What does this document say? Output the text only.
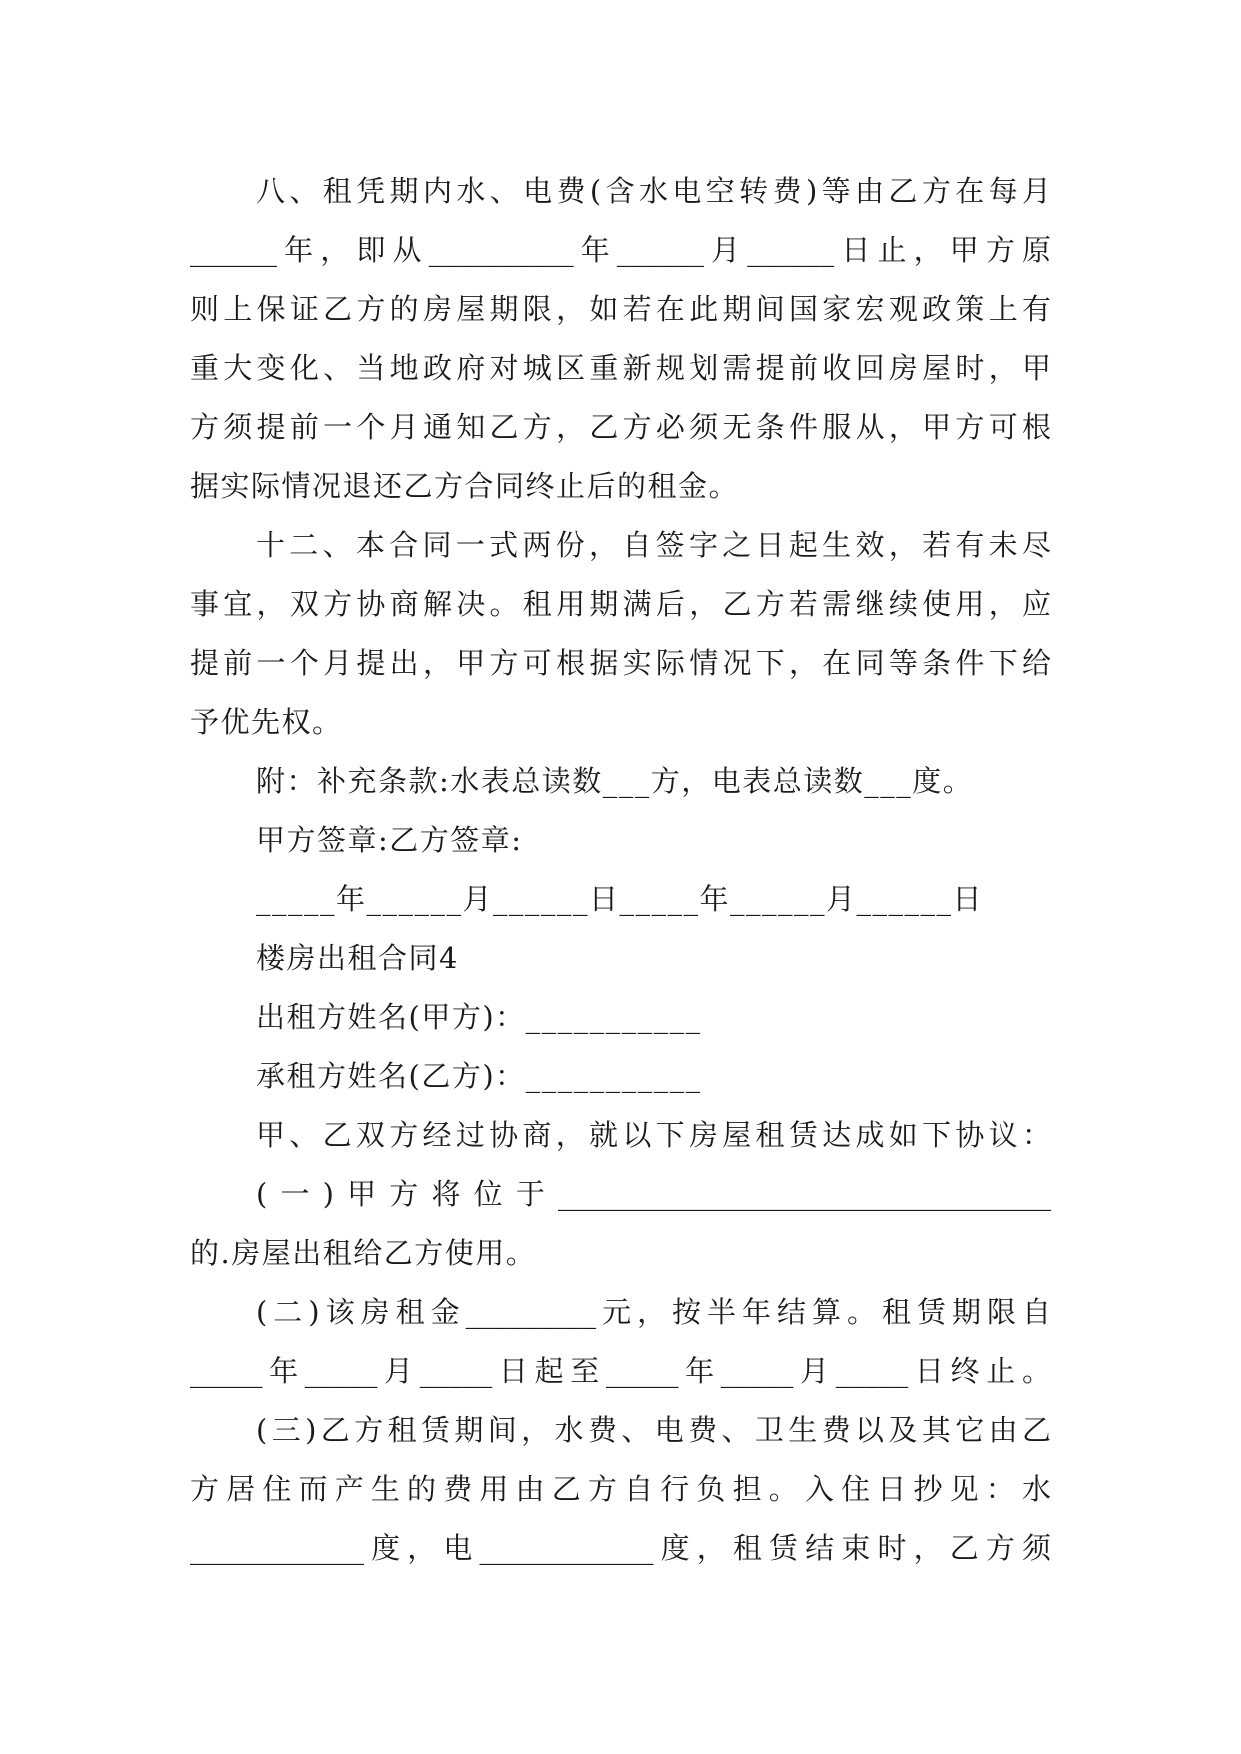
八、租凭期内水、电费(含水电空转费)等由乙方在每月
______年，即从__________年______月______日止，甲方原
则上保证乙方的房屋期限，如若在此期间国家宏观政策上有
重大变化、当地政府对城区重新规划需提前收回房屋时，甲
方须提前一个月通知乙方，乙方必须无条件服从，甲方可根
据实际情况退还乙方合同终止后的租金。
十二、本合同一式两份，自签字之日起生效，若有未尽
事宜，双方协商解决。租用期满后，乙方若需继续使用，应
提前一个月提出，甲方可根据实际情况下，在同等条件下给
予优先权。
附：补充条款:水表总读数___方，电表总读数___度。
甲方签章:乙方签章:
_____年______月______日_____年______月______日
楼房出租合同4
出租方姓名(甲方)：___________
承租方姓名(乙方)：___________
甲、乙双方经过协商，就以下房屋租赁达成如下协议：
(一)甲方将位于__________________________________
的.房屋出租给乙方使用。
(二)该房租金_________元，按半年结算。租赁期限自
_____年_____月_____日起至_____年_____月_____日终止。
(三)乙方租赁期间，水费、电费、卫生费以及其它由乙
方居住而产生的费用由乙方自行负担。入住日抄见：水
____________度，电____________度，租赁结束时，乙方须
